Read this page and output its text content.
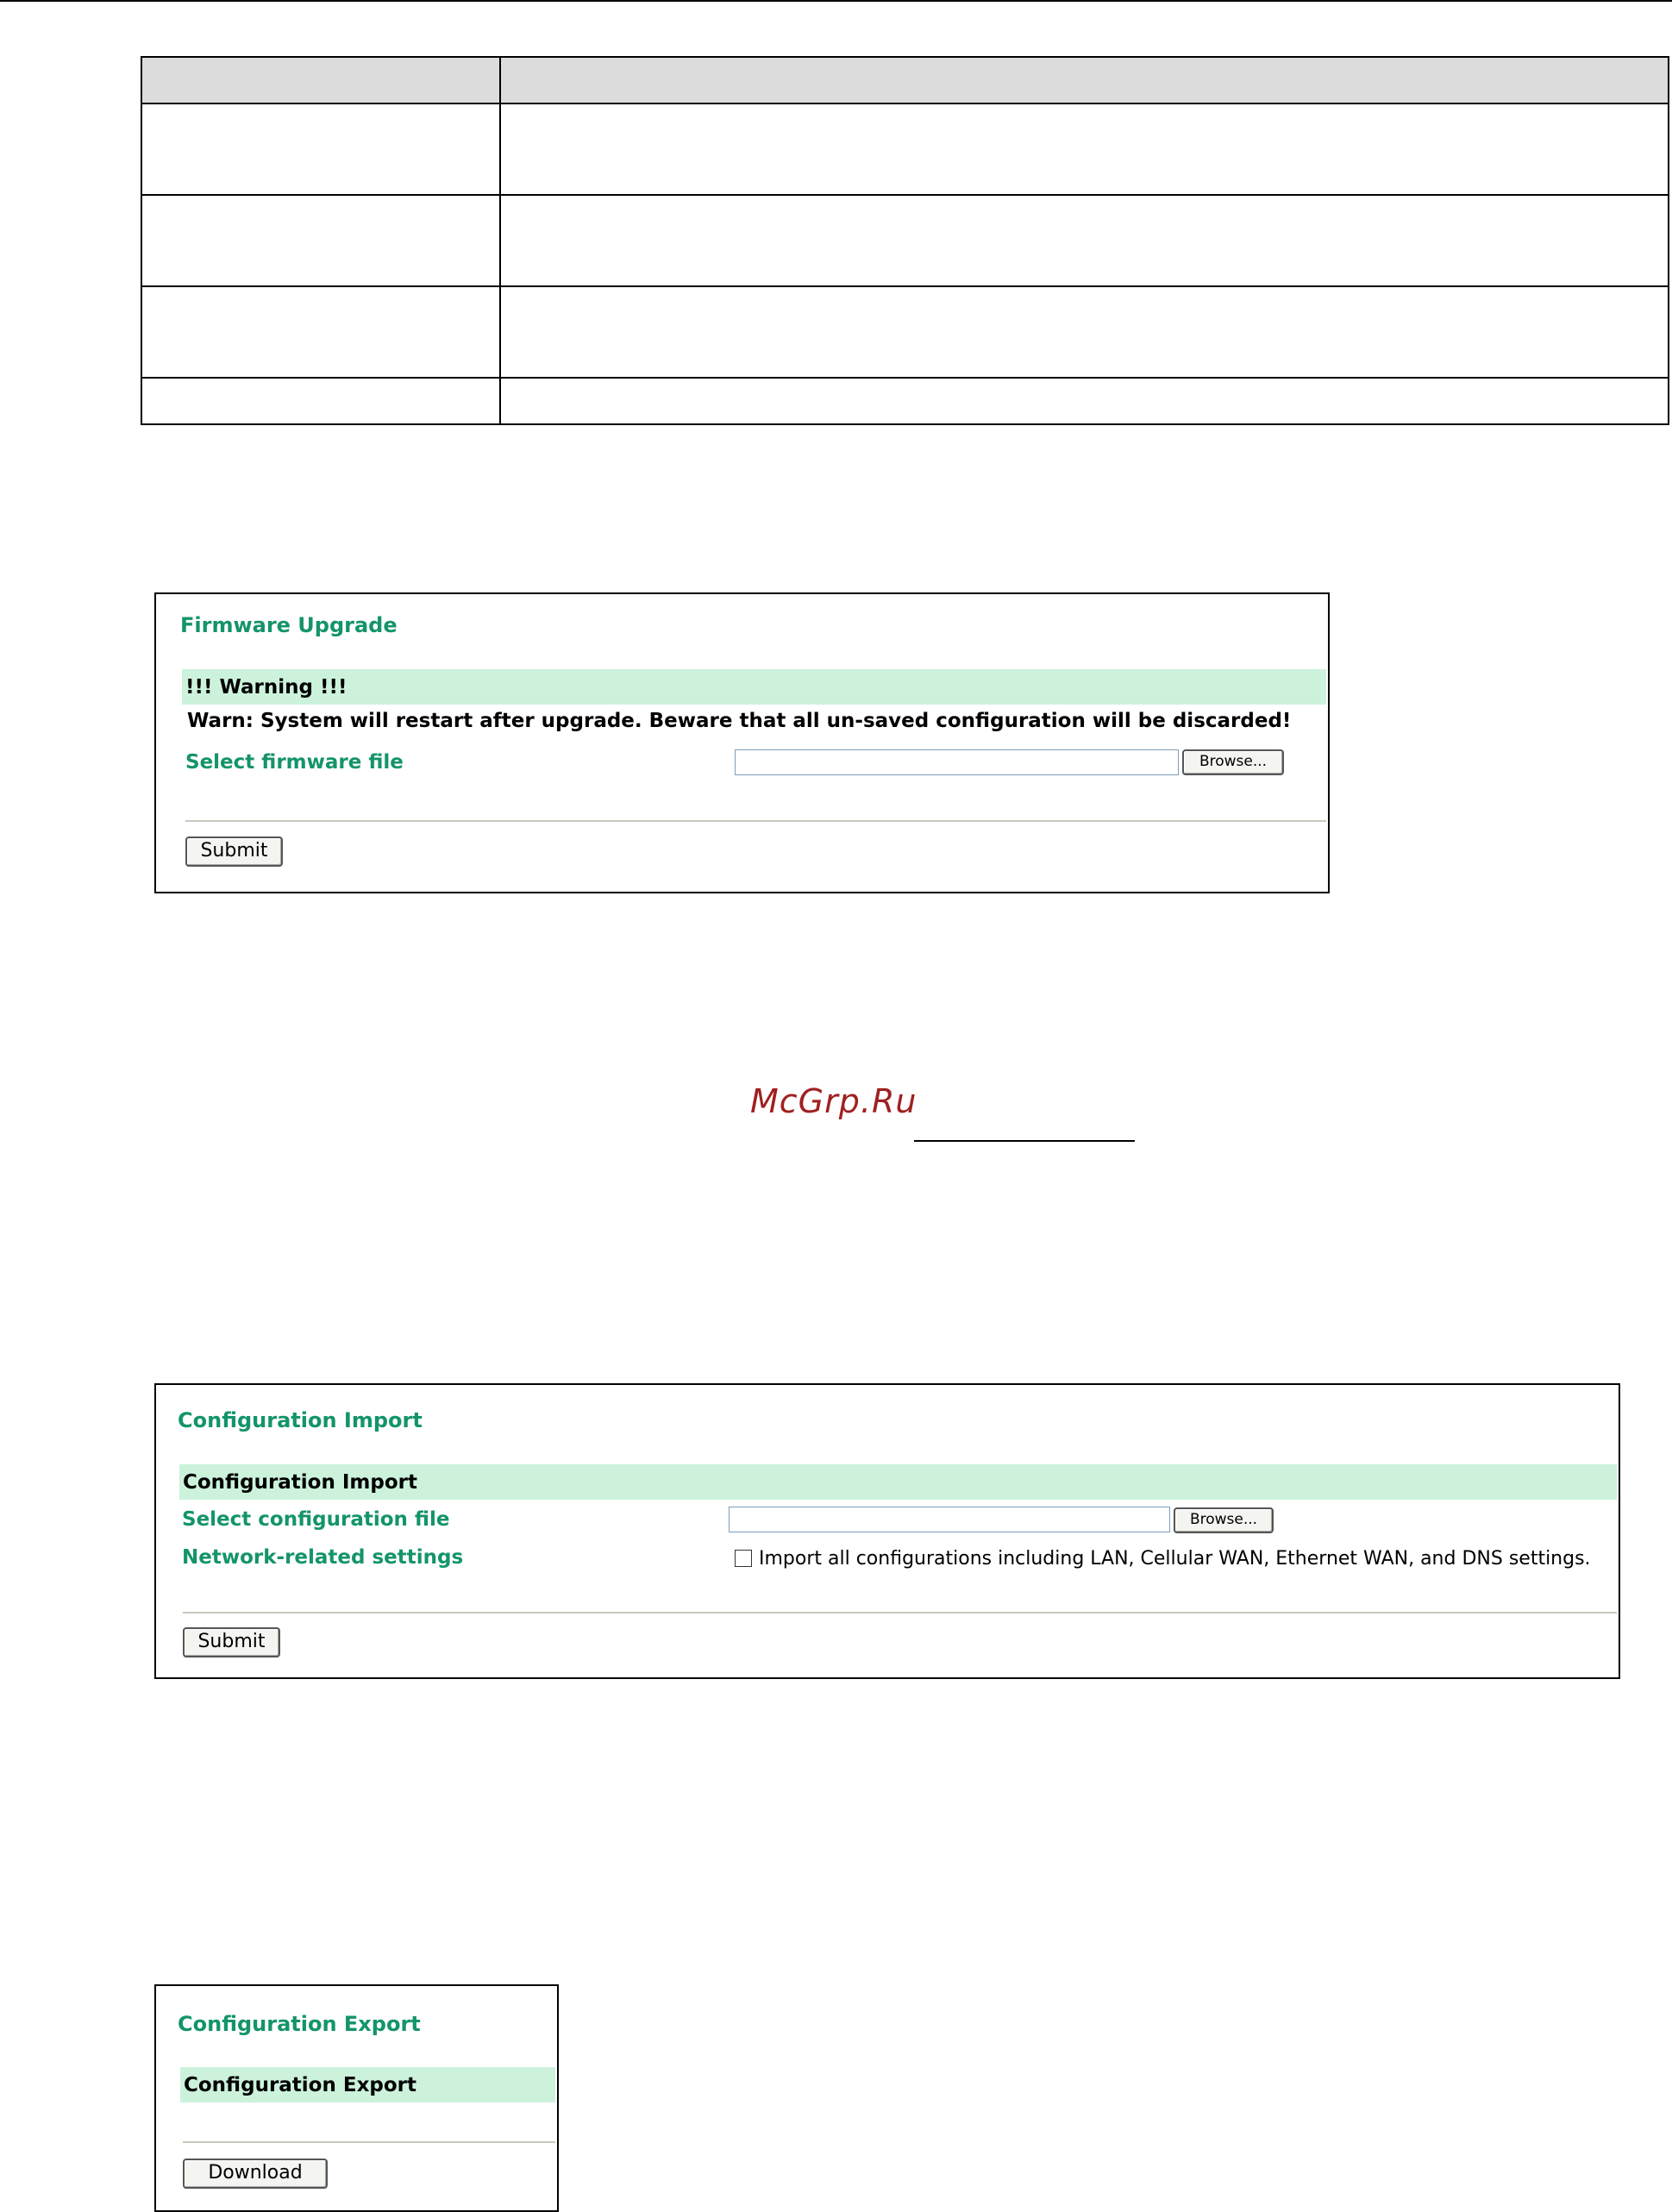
Firmware Upgrade
!!! Warning !!!
Warn: System will restart after upgrade. Beware that all un-saved configuration will be discarded!
Select firmware file	Browse...
Submit
McGrp.Ru
Configuration Import
Configuration Import
Select configuration file	Browse...
Network-related settings	Import all configurations including LAN, Cellular WAN, Ethernet WAN, and DNS settings.
Submit
Configuration Export
Configuration Export
Download
